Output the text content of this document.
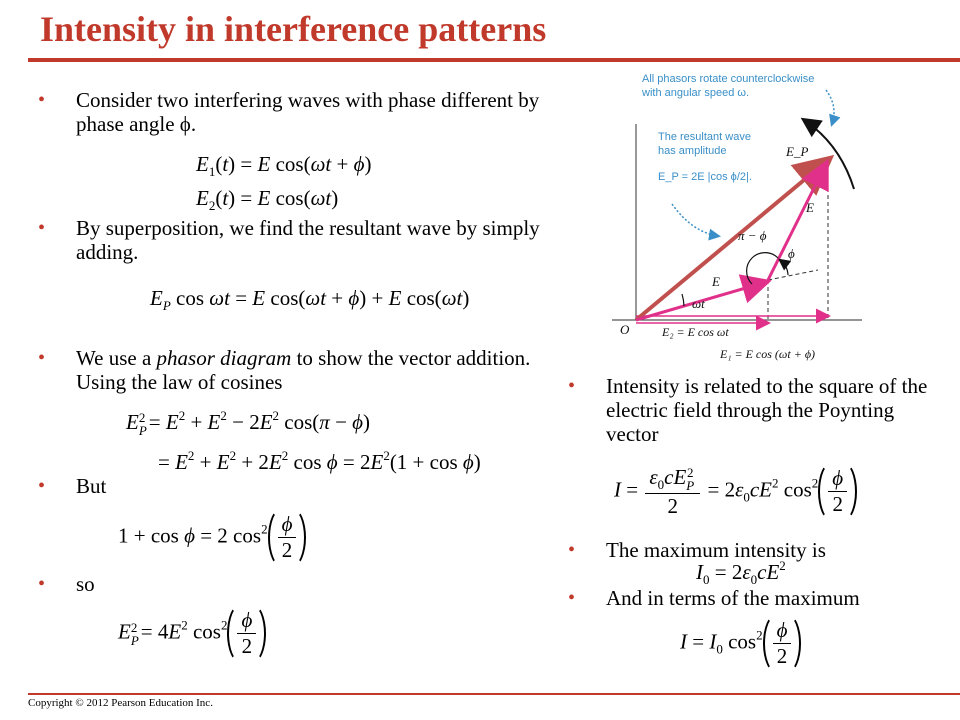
Intensity in interference patterns
• Consider two interfering waves with phase different by phase angle ϕ.
$E_1(t) = E$ cos(ωt + ϕ)
$E_2(t) = E$ cos(ωt)
• By superposition, we find the resultant wave by simply adding.
$E_P$ cos ωt = E cos(ωt + ϕ) + E cos(ωt)
• We use a phasor diagram to show the vector addition. Using the law of cosines
E 2
$P = E^2 + E^2 - 2E^2$ cos(π − ϕ)
= $E^2 + E^2 + 2E^2$ $\cos \phi = 2E^2(1 + \cos \phi)$
• But
1 + cos ϕ = 2 $\cos^2 \frac{\phi}{2}$
• so
E 2
$P = 4E^2$ $\cos^2 \frac{\phi}{2}$
• Intensity is related to the square of the electric field through the Poynting vector
$I = \varepsilon_0cE$ 2
P
$2 = 2\varepsilon_0cE^2$ $\cos^2 \frac{\phi}{2}$
• The maximum intensity is
$I_0 = 2\varepsilon_0cE^2$
• And in terms of the maximum
$I = I_0$ $\cos^2 \frac{\phi}{2}$
All phasors rotate counterclockwise
with angular speed ω.
The resultant wave
has amplitude
E_P = 2E |cos ϕ/2|.
E_P
E
E
π − ϕ
ϕ
ωt
O	E₂ = E cos ωt
E₁ = E cos (ωt + ϕ)
Copyright © 2012 Pearson Education Inc.
